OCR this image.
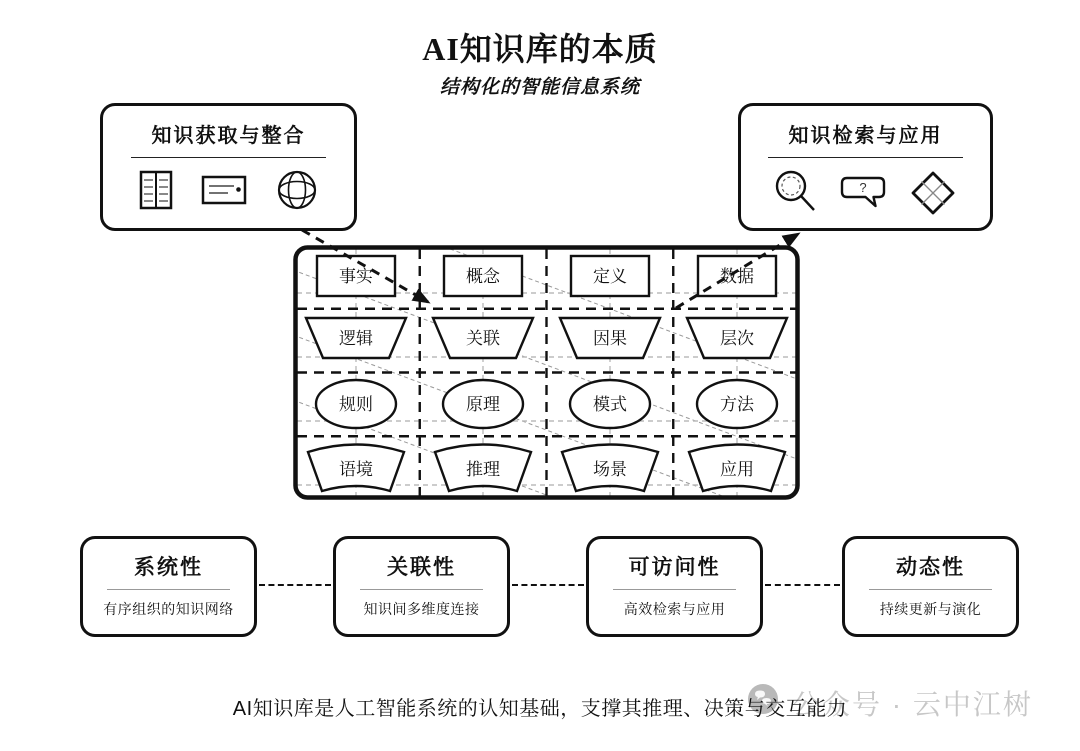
AI知识库的本质
结构化的智能信息系统
知识获取与整合	知识检索与应用
?
事实	概念	定义	数据
逻辑	关联	因果	层次
规则	原理	模式	方法
语境	推理	场景	应用
系统性
有序组织的知识网络
关联性
知识间多维度连接
可访问性
高效检索与应用
动态性
持续更新与演化
AI知识库是人工智能系统的认知基础，支撑其推理、决策与交互能力
公众号 · 云中江树
